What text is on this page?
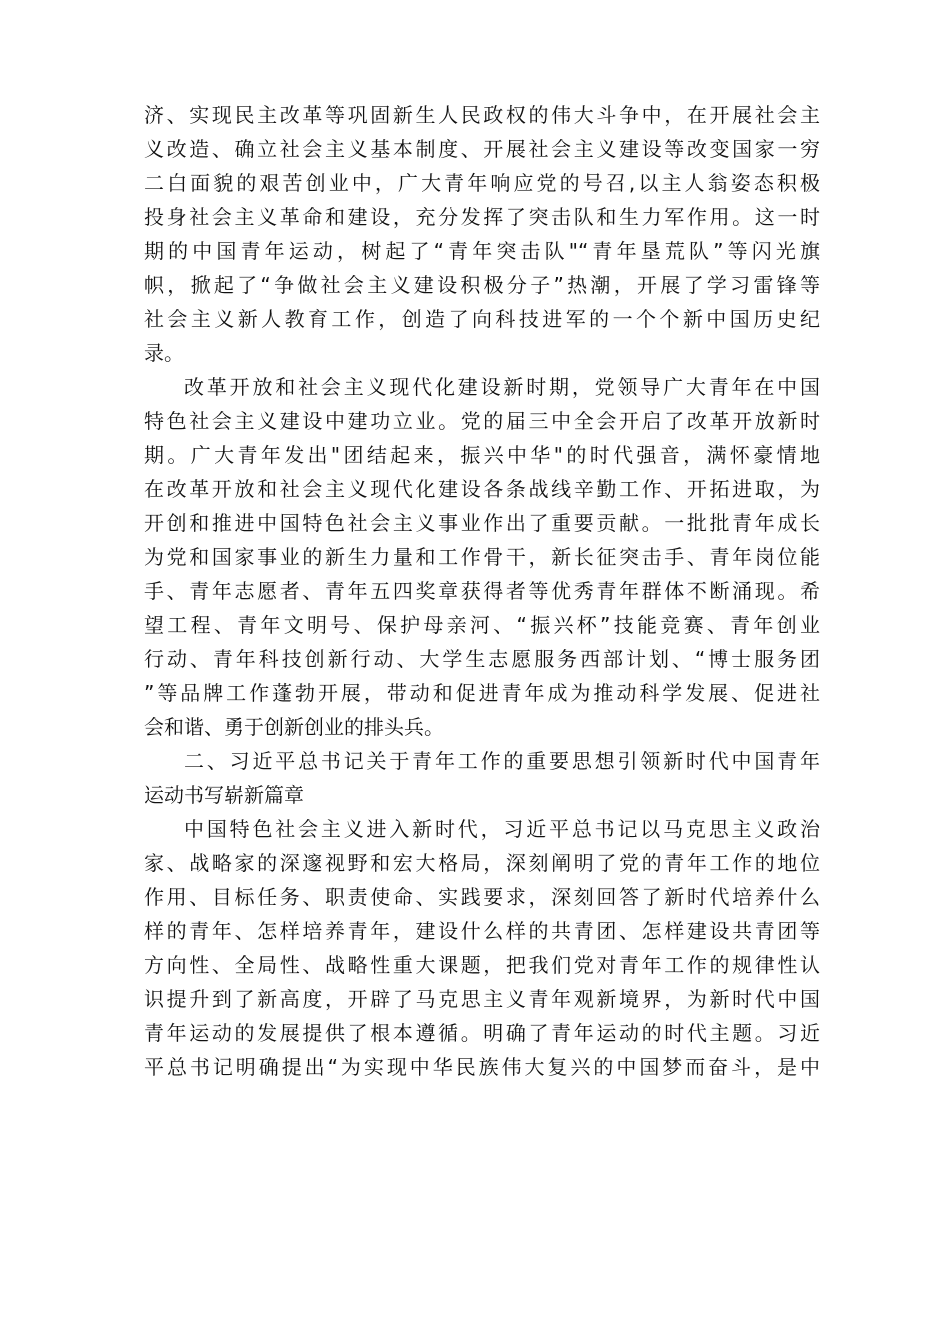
济、实现民主改革等巩固新生人民政权的伟大斗争中，在开展社会主
义改造、确立社会主义基本制度、开展社会主义建设等改变国家一穷
二白面貌的艰苦创业中，广大青年响应党的号召,以主人翁姿态积极
投身社会主义革命和建设，充分发挥了突击队和生力军作用。这一时
期的中国青年运动，树起了“青年突击队"“青年垦荒队”等闪光旗
帜，掀起了“争做社会主义建设积极分子”热潮，开展了学习雷锋等
社会主义新人教育工作，创造了向科技进军的一个个新中国历史纪
录。
改革开放和社会主义现代化建设新时期，党领导广大青年在中国
特色社会主义建设中建功立业。党的届三中全会开启了改革开放新时
期。广大青年发出"团结起来，振兴中华"的时代强音，满怀豪情地
在改革开放和社会主义现代化建设各条战线辛勤工作、开拓进取，为
开创和推进中国特色社会主义事业作出了重要贡献。一批批青年成长
为党和国家事业的新生力量和工作骨干，新长征突击手、青年岗位能
手、青年志愿者、青年五四奖章获得者等优秀青年群体不断涌现。希
望工程、青年文明号、保护母亲河、“振兴杯”技能竞赛、青年创业
行动、青年科技创新行动、大学生志愿服务西部计划、“博士服务团
”等品牌工作蓬勃开展，带动和促进青年成为推动科学发展、促进社
会和谐、勇于创新创业的排头兵。
二、习近平总书记关于青年工作的重要思想引领新时代中国青年
运动书写崭新篇章
中国特色社会主义进入新时代，习近平总书记以马克思主义政治
家、战略家的深邃视野和宏大格局，深刻阐明了党的青年工作的地位
作用、目标任务、职责使命、实践要求，深刻回答了新时代培养什么
样的青年、怎样培养青年，建设什么样的共青团、怎样建设共青团等
方向性、全局性、战略性重大课题，把我们党对青年工作的规律性认
识提升到了新高度，开辟了马克思主义青年观新境界，为新时代中国
青年运动的发展提供了根本遵循。明确了青年运动的时代主题。习近
平总书记明确提出“为实现中华民族伟大复兴的中国梦而奋斗，是中
